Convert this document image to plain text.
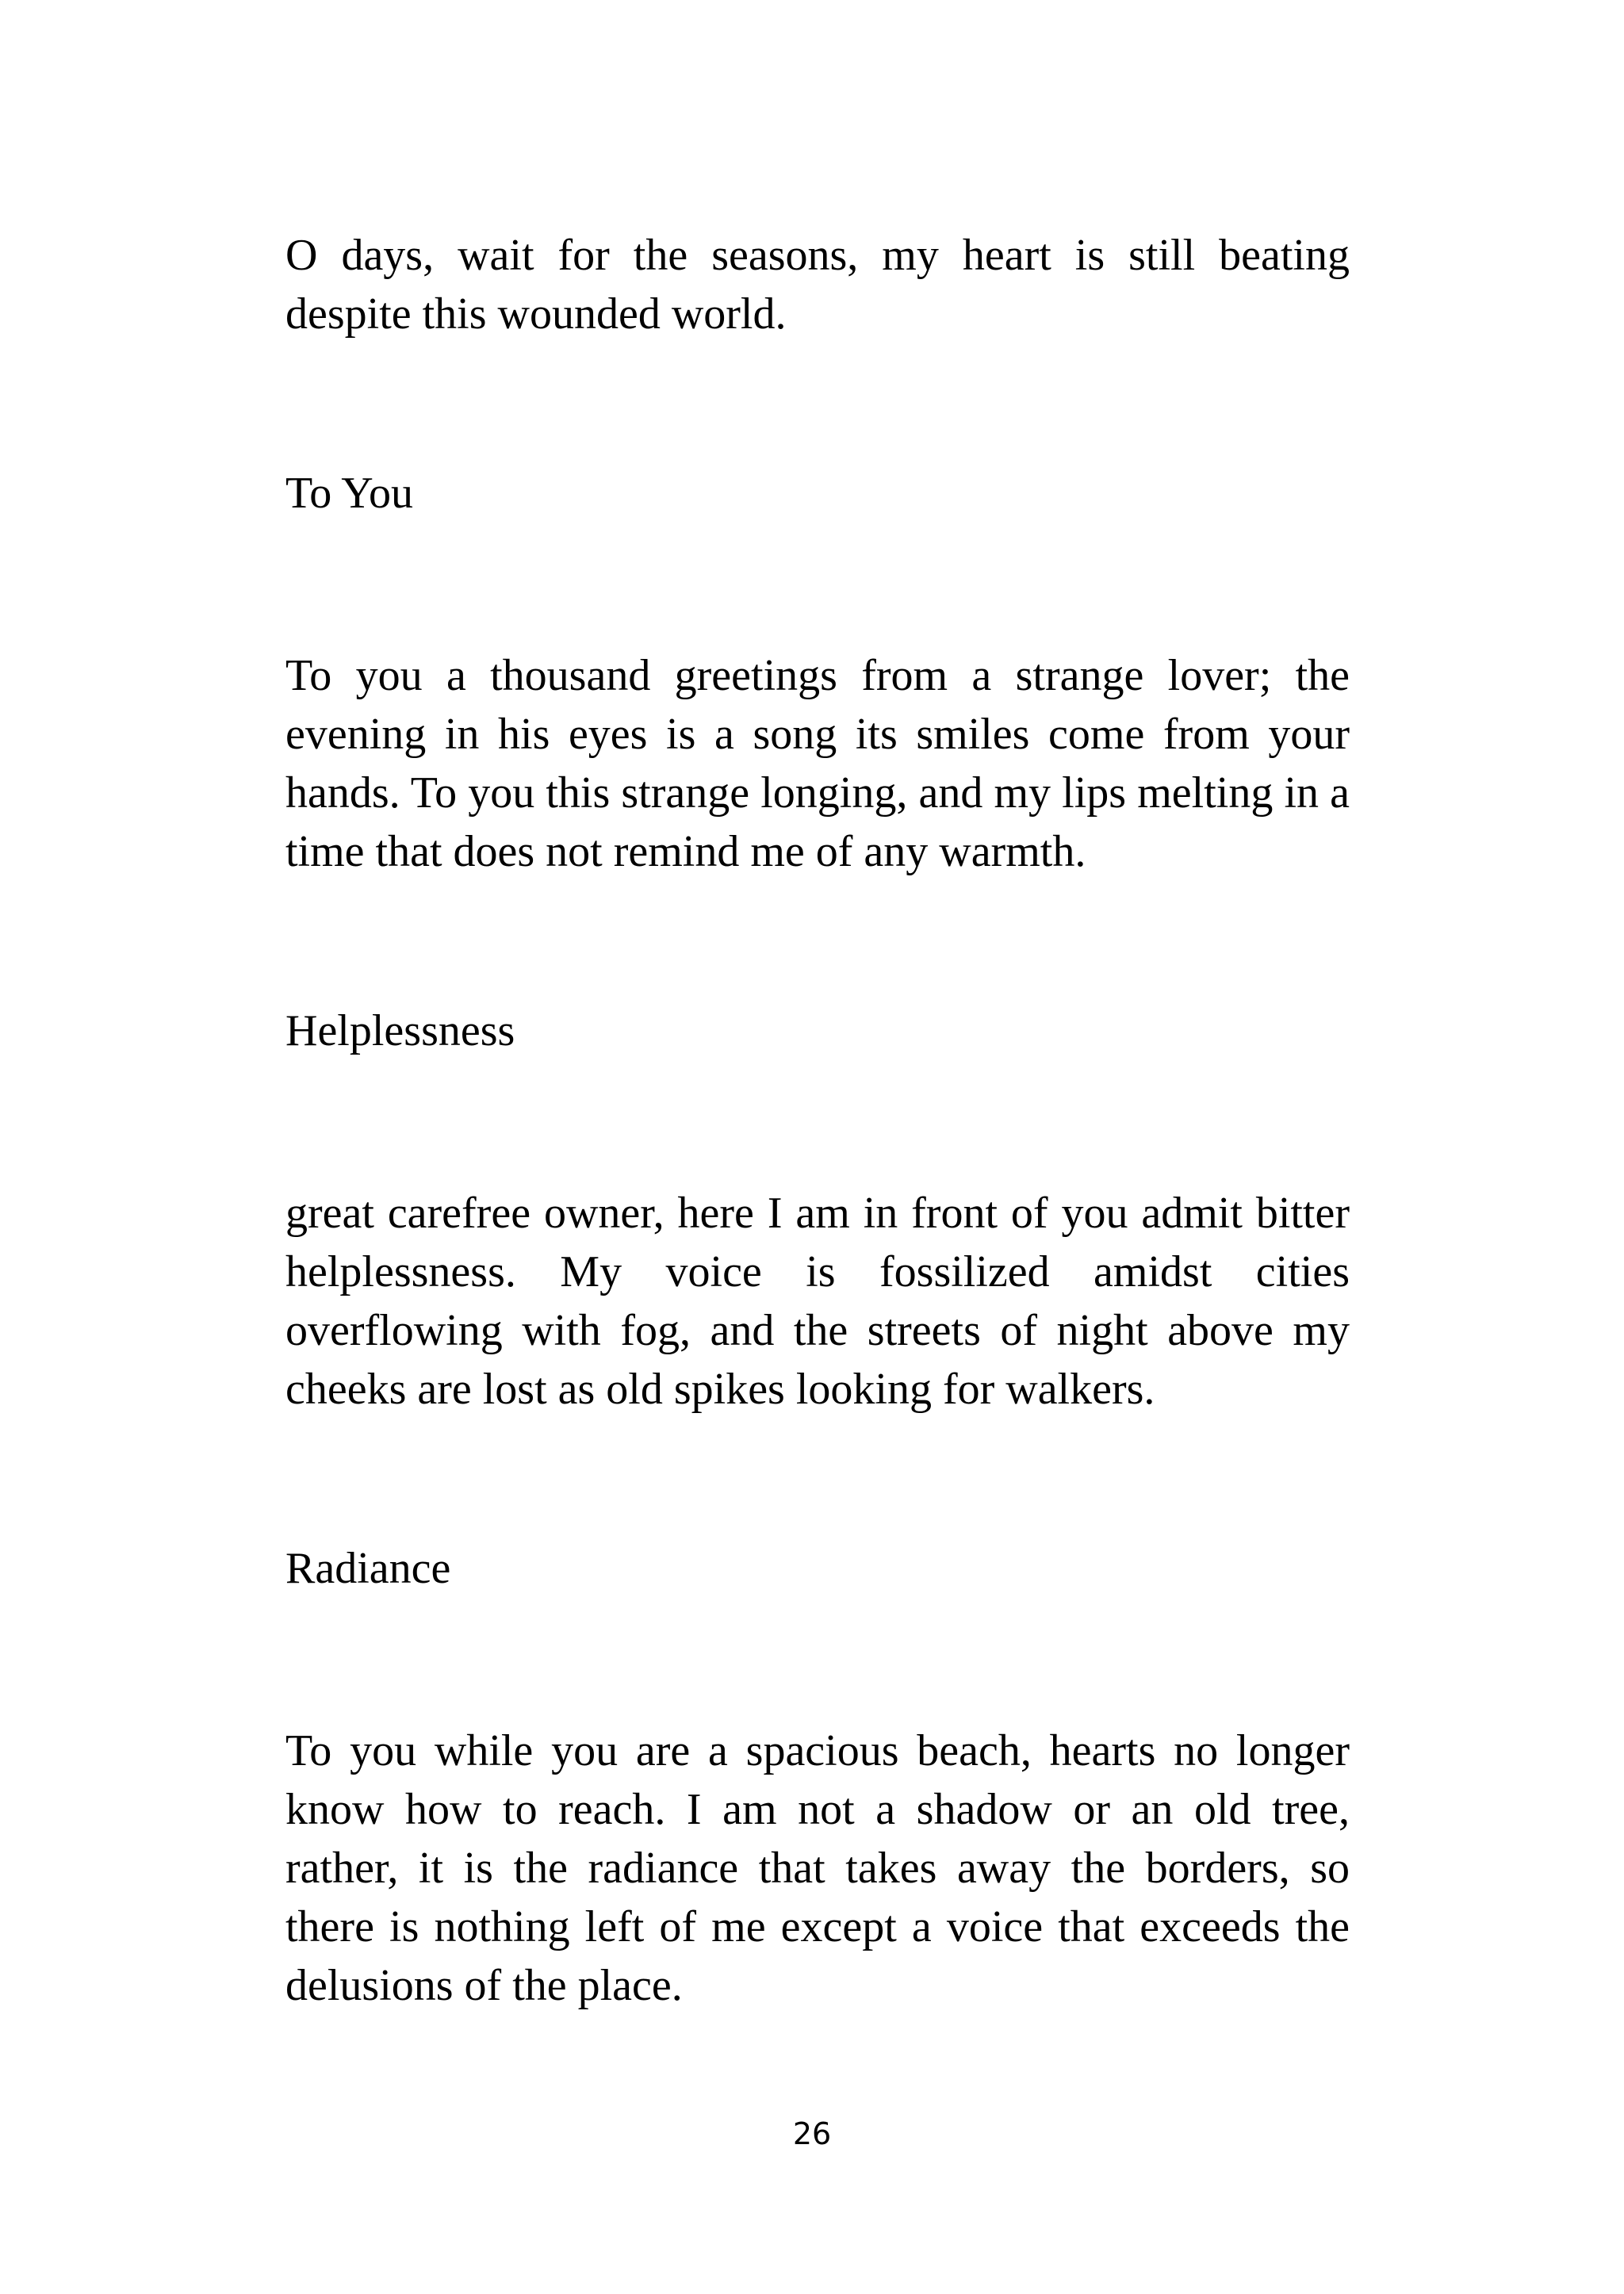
O days, wait for the seasons, my heart is still beating despite this wounded world.

To You

To you a thousand greetings from a strange lover; the evening in his eyes is a song its smiles come from your hands. To you this strange longing, and my lips melting in a time that does not remind me of any warmth.

Helplessness

great carefree owner, here I am in front of you admit bitter helplessness. My voice is fossilized amidst cities overflowing with fog, and the streets of night above my cheeks are lost as old spikes looking for walkers.

Radiance

To you while you are a spacious beach, hearts no longer know how to reach. I am not a shadow or an old tree, rather, it is the radiance that takes away the borders, so there is nothing left of me except a voice that exceeds the delusions of the place.

26
